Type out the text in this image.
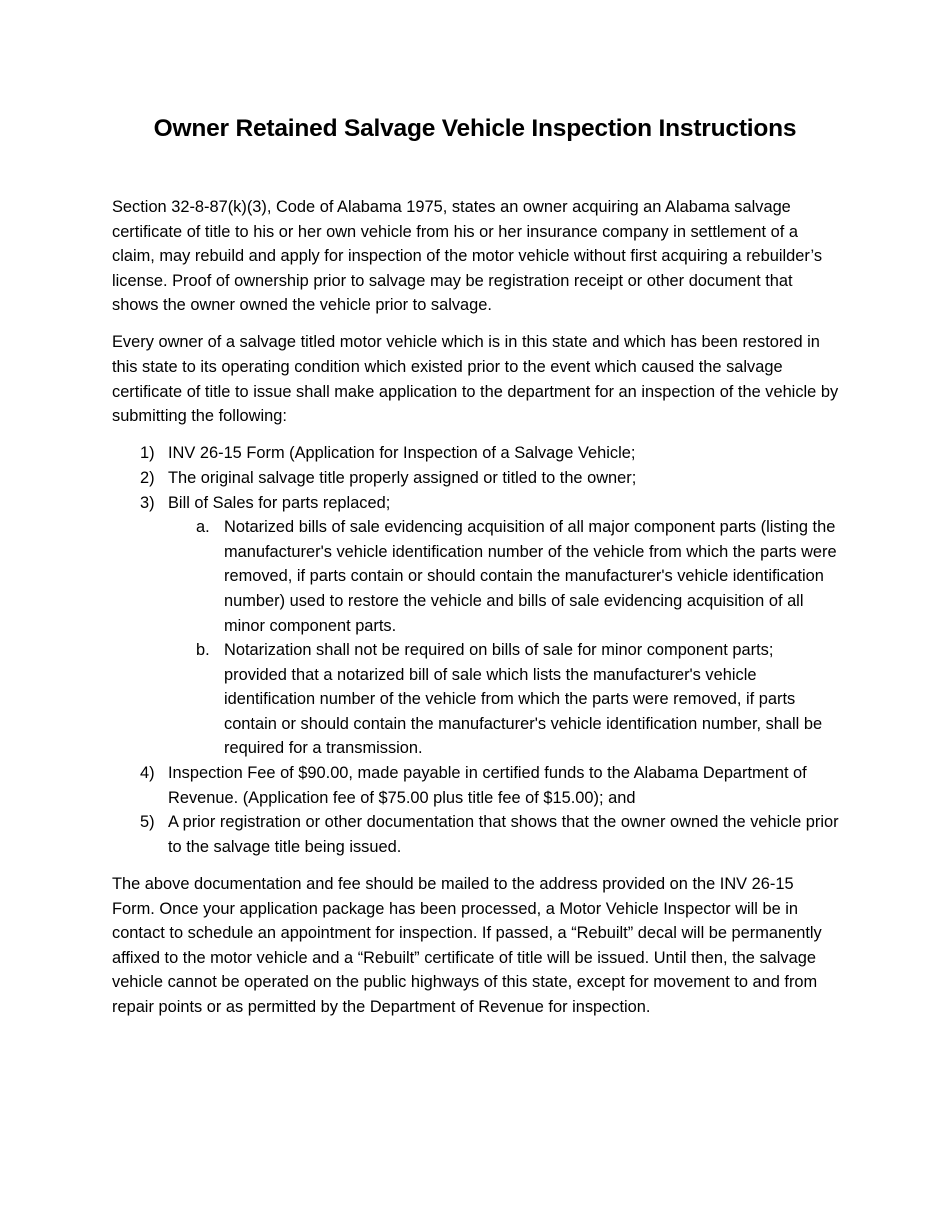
Owner Retained Salvage Vehicle Inspection Instructions

Section 32-8-87(k)(3), Code of Alabama 1975, states an owner acquiring an Alabama salvage certificate of title to his or her own vehicle from his or her insurance company in settlement of a claim, may rebuild and apply for inspection of the motor vehicle without first acquiring a rebuilder’s license. Proof of ownership prior to salvage may be registration receipt or other document that shows the owner owned the vehicle prior to salvage.

Every owner of a salvage titled motor vehicle which is in this state and which has been restored in this state to its operating condition which existed prior to the event which caused the salvage certificate of title to issue shall make application to the department for an inspection of the vehicle by submitting the following:

1) INV 26-15 Form (Application for Inspection of a Salvage Vehicle;
2) The original salvage title properly assigned or titled to the owner;
3) Bill of Sales for parts replaced;
a. Notarized bills of sale evidencing acquisition of all major component parts (listing the manufacturer's vehicle identification number of the vehicle from which the parts were removed, if parts contain or should contain the manufacturer's vehicle identification number) used to restore the vehicle and bills of sale evidencing acquisition of all minor component parts.
b. Notarization shall not be required on bills of sale for minor component parts; provided that a notarized bill of sale which lists the manufacturer's vehicle identification number of the vehicle from which the parts were removed, if parts contain or should contain the manufacturer's vehicle identification number, shall be required for a transmission.
4) Inspection Fee of $90.00, made payable in certified funds to the Alabama Department of Revenue. (Application fee of $75.00 plus title fee of $15.00); and
5) A prior registration or other documentation that shows that the owner owned the vehicle prior to the salvage title being issued.

The above documentation and fee should be mailed to the address provided on the INV 26-15 Form. Once your application package has been processed, a Motor Vehicle Inspector will be in contact to schedule an appointment for inspection. If passed, a “Rebuilt” decal will be permanently affixed to the motor vehicle and a “Rebuilt” certificate of title will be issued. Until then, the salvage vehicle cannot be operated on the public highways of this state, except for movement to and from repair points or as permitted by the Department of Revenue for inspection.
